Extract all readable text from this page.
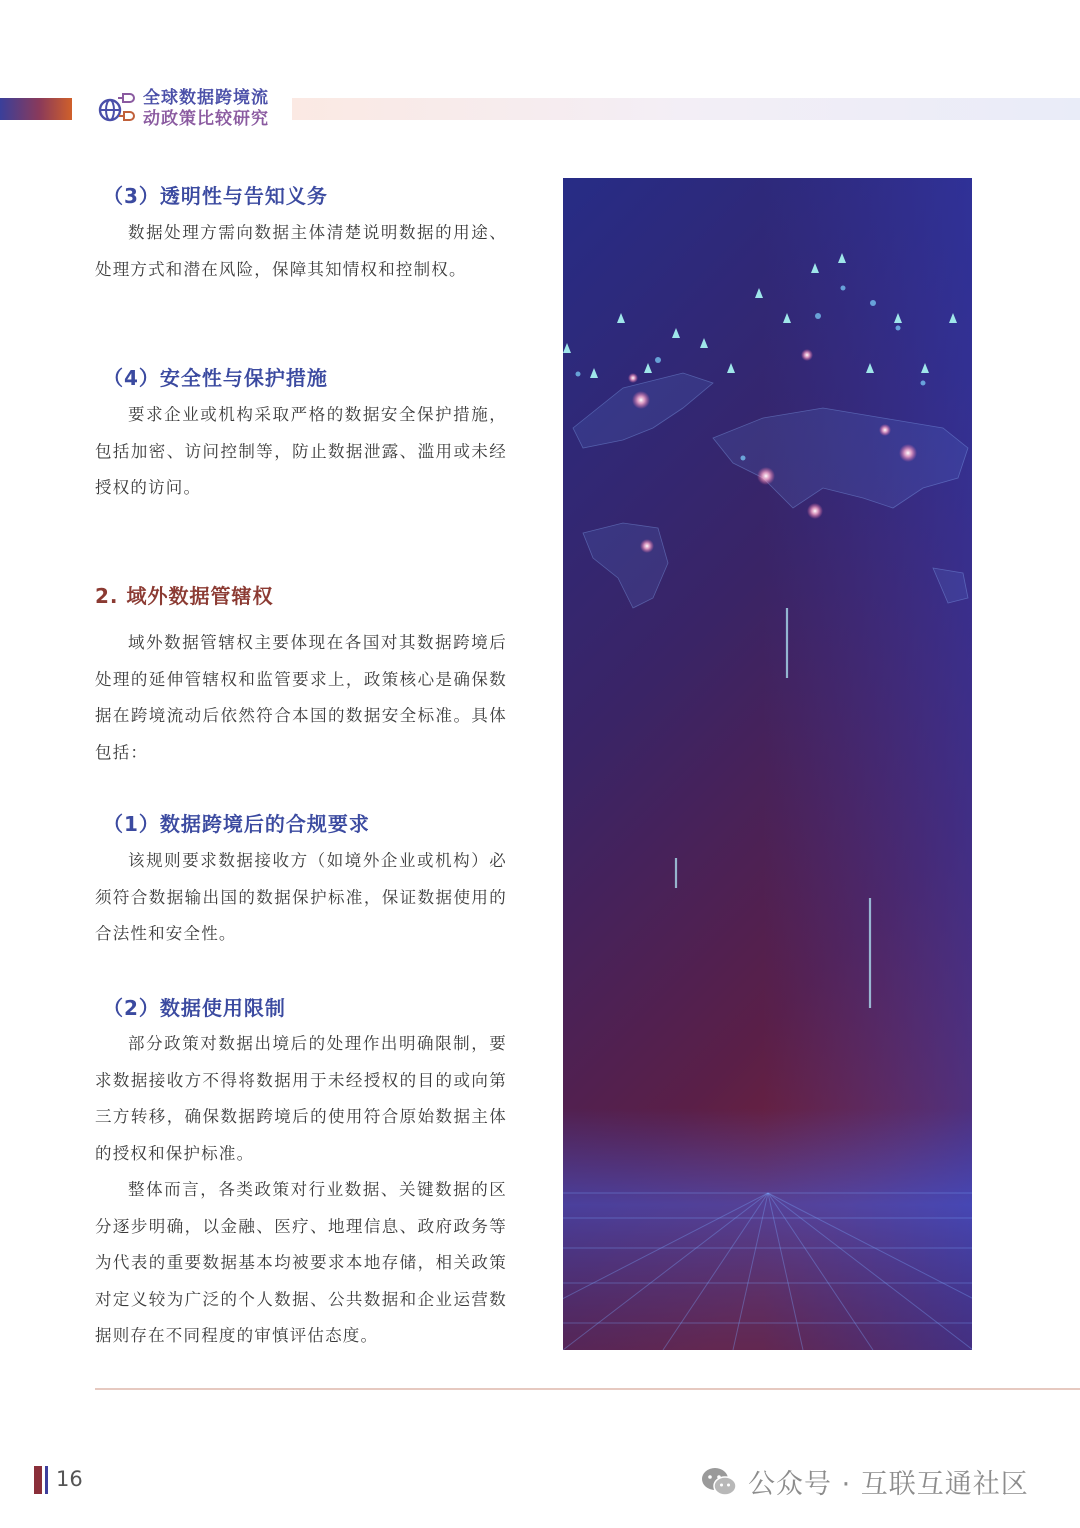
全球数据跨境流
动政策比较研究
（3）透明性与告知义务
数据处理方需向数据主体清楚说明数据的用途、处理方式和潜在风险，保障其知情权和控制权。
（4）安全性与保护措施
要求企业或机构采取严格的数据安全保护措施，包括加密、访问控制等，防止数据泄露、滥用或未经授权的访问。
2. 域外数据管辖权
域外数据管辖权主要体现在各国对其数据跨境后处理的延伸管辖权和监管要求上，政策核心是确保数据在跨境流动后依然符合本国的数据安全标准。具体包括：
（1）数据跨境后的合规要求
该规则要求数据接收方（如境外企业或机构）必须符合数据输出国的数据保护标准，保证数据使用的合法性和安全性。
（2）数据使用限制
部分政策对数据出境后的处理作出明确限制，要求数据接收方不得将数据用于未经授权的目的或向第三方转移，确保数据跨境后的使用符合原始数据主体的授权和保护标准。
整体而言，各类政策对行业数据、关键数据的区分逐步明确，以金融、医疗、地理信息、政府政务等为代表的重要数据基本均被要求本地存储，相关政策对定义较为广泛的个人数据、公共数据和企业运营数据则存在不同程度的审慎评估态度。
16	公众号 · 互联互通社区
